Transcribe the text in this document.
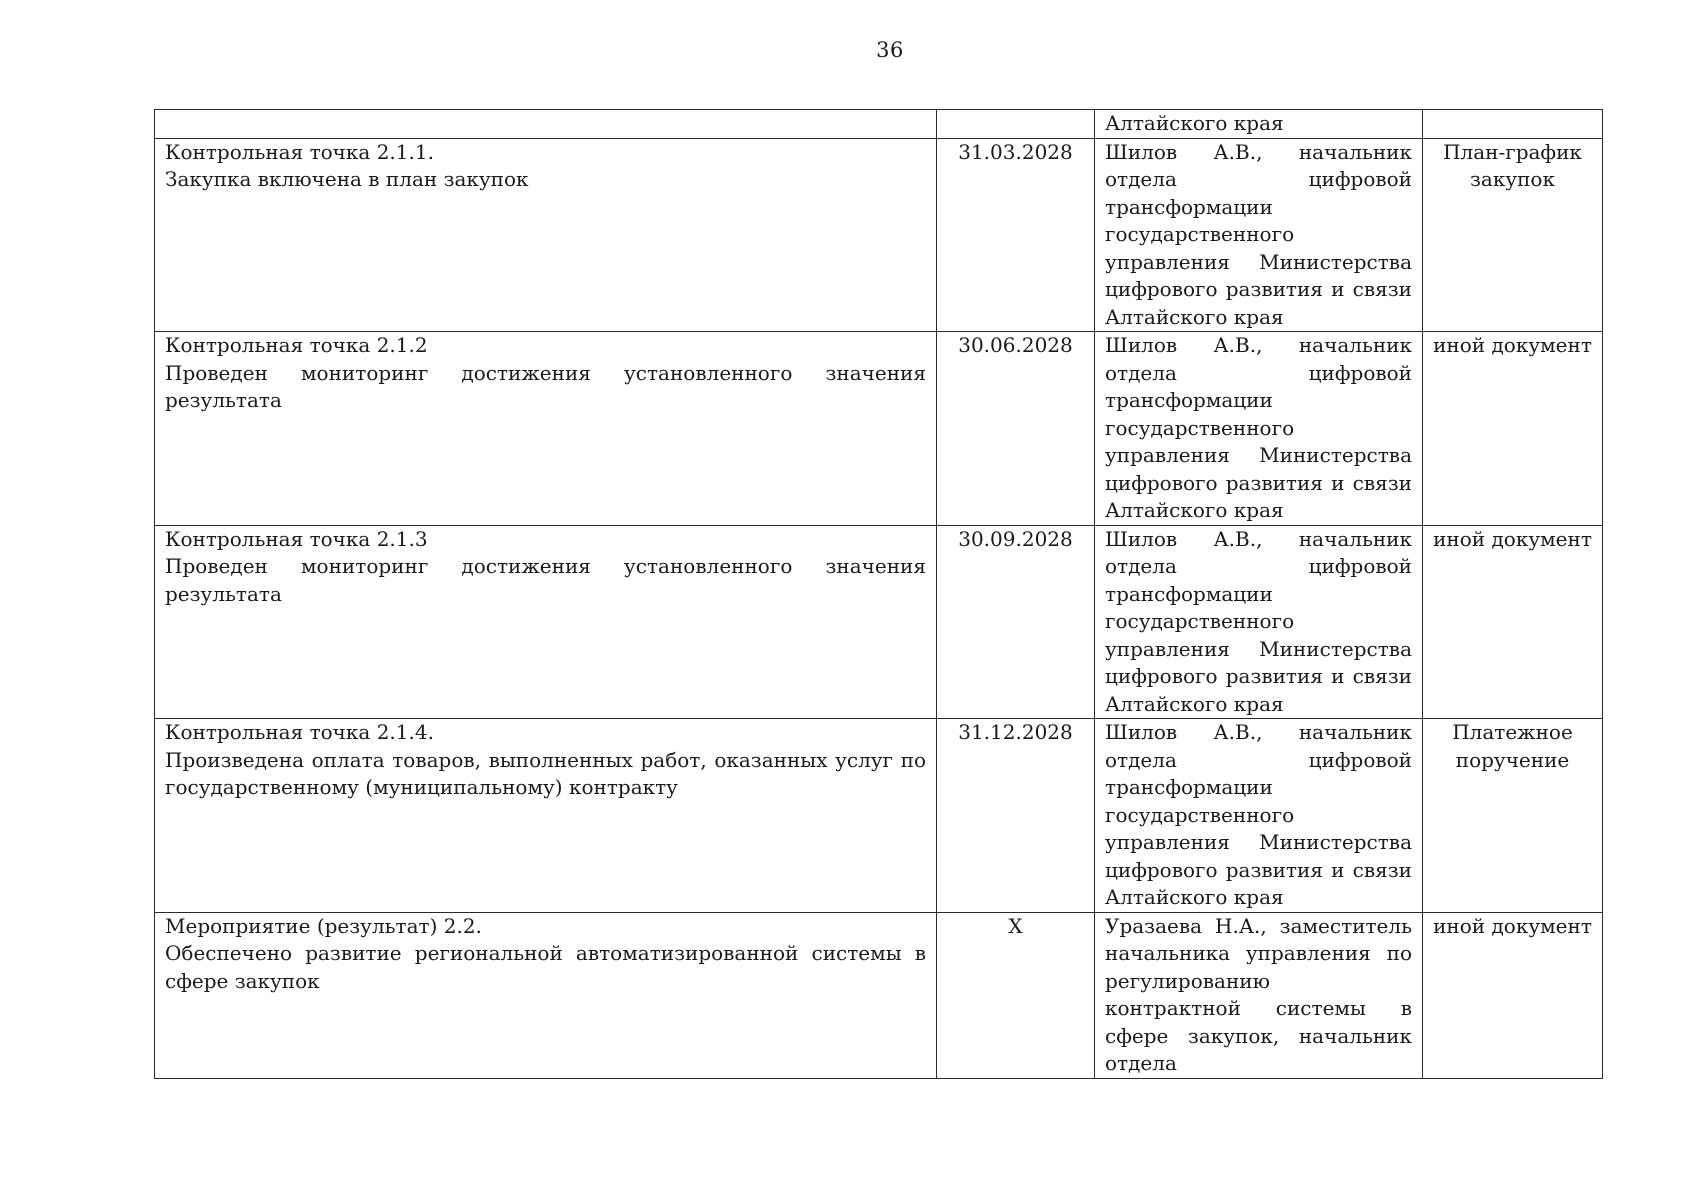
36
		Алтайского края	

Контрольная точка 2.1.1.
Закупка включена в план закупок	31.03.2028	Шилов А.В., начальник отдела цифровой трансформации государственного управления Министерства цифрового развития и связи Алтайского края	План-график закупок

Контрольная точка 2.1.2
Проведен мониторинг достижения установленного значения результата	30.06.2028	Шилов А.В., начальник отдела цифровой трансформации государственного управления Министерства цифрового развития и связи Алтайского края	иной документ

Контрольная точка 2.1.3
Проведен мониторинг достижения установленного значения результата	30.09.2028	Шилов А.В., начальник отдела цифровой трансформации государственного управления Министерства цифрового развития и связи Алтайского края	иной документ

Контрольная точка 2.1.4.
Произведена оплата товаров, выполненных работ, оказанных услуг по государственному (муниципальному) контракту	31.12.2028	Шилов А.В., начальник отдела цифровой трансформации государственного управления Министерства цифрового развития и связи Алтайского края	Платежное поручение

Мероприятие (результат) 2.2.
Обеспечено развитие региональной автоматизированной системы в сфере закупок	X	Уразаева Н.А., заместитель начальника управления по регулированию контрактной системы в сфере закупок, начальник отдела	иной документ
